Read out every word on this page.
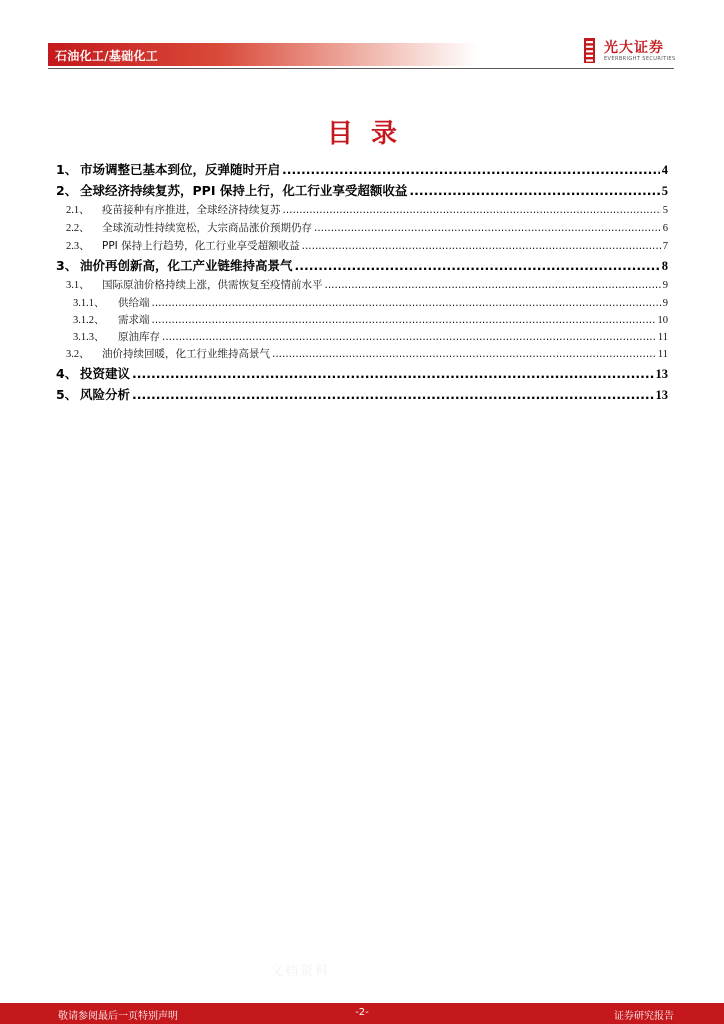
石油化工/基础化工	光大证券
EVERBRIGHT SECURITIES
目录
1、 市场调整已基本到位，反弹随时开启 .....	4
2、 全球经济持续复苏，PPI 保持上行，化工行业享受超额收益 .....	5
2.1、	疫苗接种有序推进，全球经济持续复苏 .....	5
2.2、	全球流动性持续宽松，大宗商品涨价预期仍存 .....	6
2.3、	PPI 保持上行趋势，化工行业享受超额收益 .....	7
3、 油价再创新高，化工产业链维持高景气 .....	8
3.1、	国际原油价格持续上涨，供需恢复至疫情前水平 .....	9
3.1.1、	供给端 .....	9
3.1.2、	需求端 .....	10
3.1.3、	原油库存 .....	11
3.2、	油价持续回暖，化工行业维持高景气 .....	11
4、 投资建议 .....	13
5、 风险分析 .....	13
文档资料
敬请参阅最后一页特别声明	-2-	证券研究报告
